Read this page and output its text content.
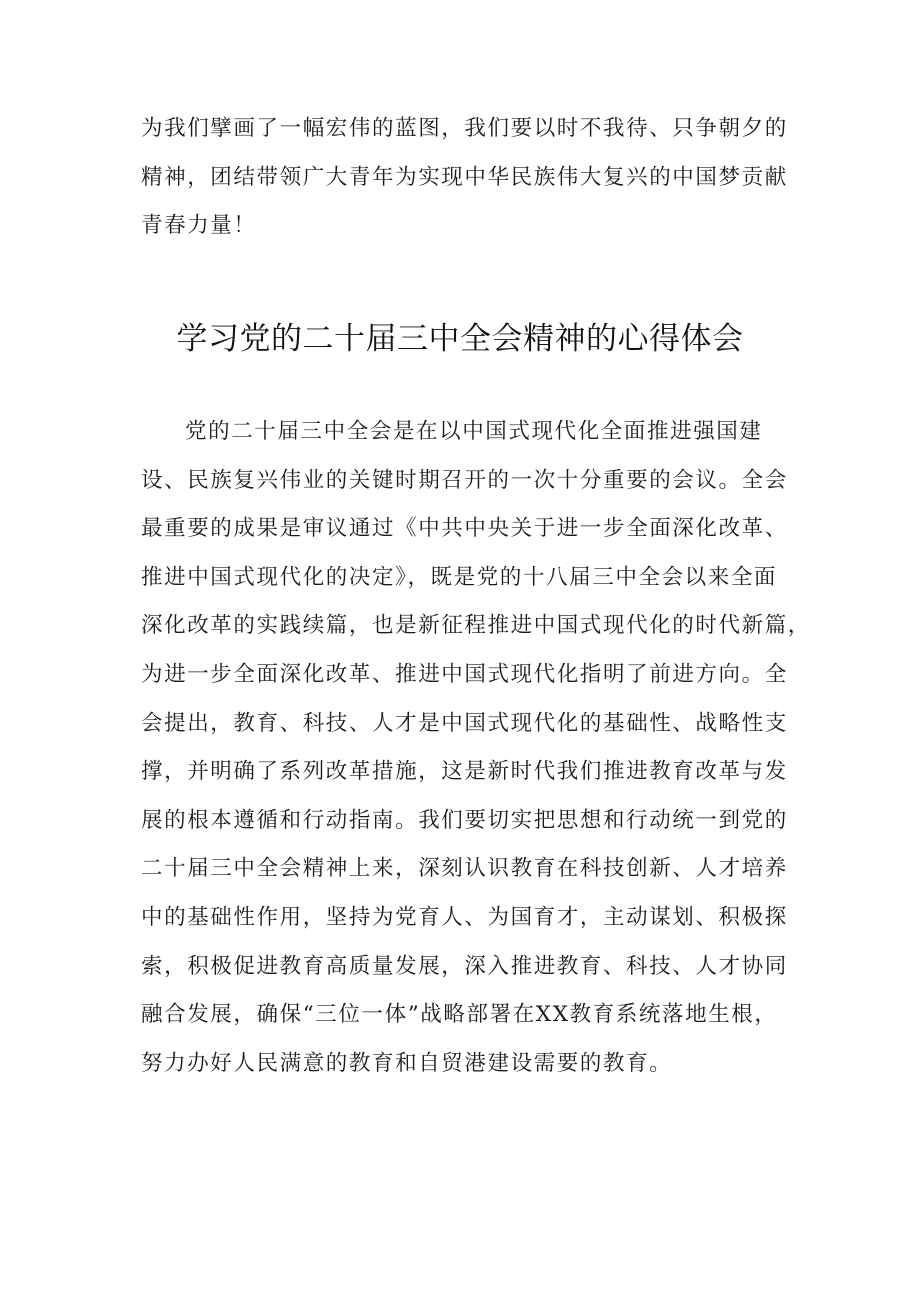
为我们擘画了一幅宏伟的蓝图，我们要以时不我待、只争朝夕的
精神，团结带领广大青年为实现中华民族伟大复兴的中国梦贡献
青春力量！

学习党的二十届三中全会精神的心得体会

党的二十届三中全会是在以中国式现代化全面推进强国建
设、民族复兴伟业的关键时期召开的一次十分重要的会议。全会
最重要的成果是审议通过《中共中央关于进一步全面深化改革、
推进中国式现代化的决定》，既是党的十八届三中全会以来全面
深化改革的实践续篇，也是新征程推进中国式现代化的时代新篇，
为进一步全面深化改革、推进中国式现代化指明了前进方向。全
会提出，教育、科技、人才是中国式现代化的基础性、战略性支
撑，并明确了系列改革措施，这是新时代我们推进教育改革与发
展的根本遵循和行动指南。我们要切实把思想和行动统一到党的
二十届三中全会精神上来，深刻认识教育在科技创新、人才培养
中的基础性作用，坚持为党育人、为国育才，主动谋划、积极探
索，积极促进教育高质量发展，深入推进教育、科技、人才协同
融合发展，确保“三位一体”战略部署在XX教育系统落地生根，
努力办好人民满意的教育和自贸港建设需要的教育。
